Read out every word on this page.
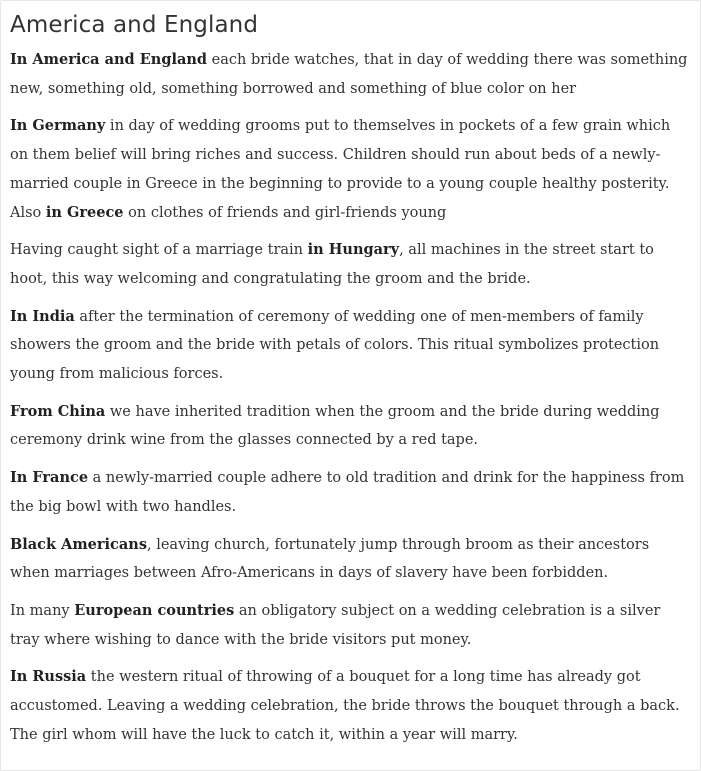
America and England

In America and England each bride watches, that in day of wedding there was something new, something old, something borrowed and something of blue color on her

In Germany in day of wedding grooms put to themselves in pockets of a few grain which on them belief will bring riches and success. Children should run about beds of a newly-married couple in Greece in the beginning to provide to a young couple healthy posterity. Also in Greece on clothes of friends and girl-friends young

Having caught sight of a marriage train in Hungary, all machines in the street start to hoot, this way welcoming and congratulating the groom and the bride.

In India after the termination of ceremony of wedding one of men-members of family showers the groom and the bride with petals of colors. This ritual symbolizes protection young from malicious forces.

From China we have inherited tradition when the groom and the bride during wedding ceremony drink wine from the glasses connected by a red tape.

In France a newly-married couple adhere to old tradition and drink for the happiness from the big bowl with two handles.

Black Americans, leaving church, fortunately jump through broom as their ancestors when marriages between Afro-Americans in days of slavery have been forbidden.

In many European countries an obligatory subject on a wedding celebration is a silver tray where wishing to dance with the bride visitors put money.

In Russia the western ritual of throwing of a bouquet for a long time has already got accustomed. Leaving a wedding celebration, the bride throws the bouquet through a back. The girl whom will have the luck to catch it, within a year will marry.
